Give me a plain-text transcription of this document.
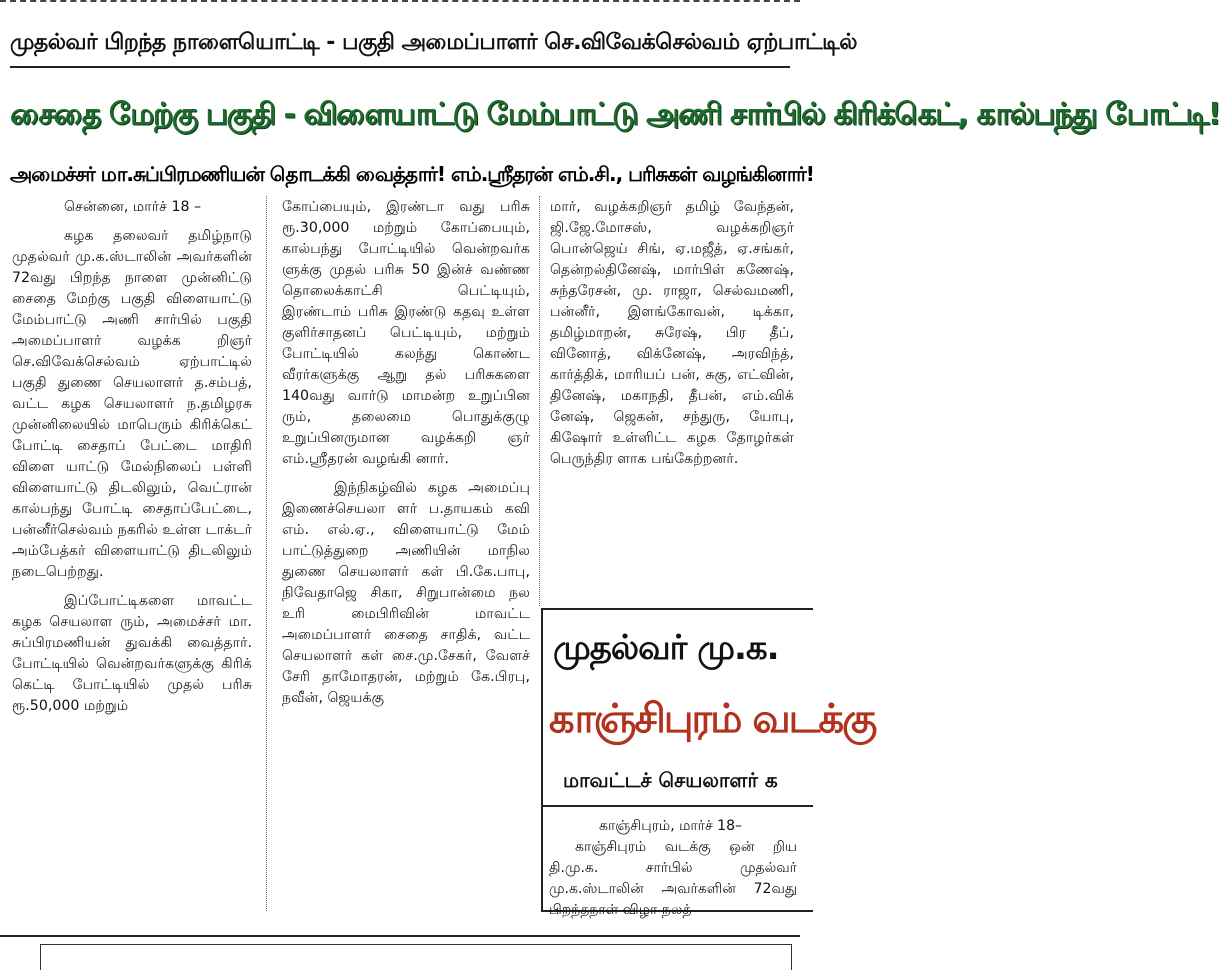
முதல்வர் பிறந்த நாளையொட்டி - பகுதி அமைப்பாளர் செ.விவேக்செல்வம் ஏற்பாட்டில்
சைதை மேற்கு பகுதி - விளையாட்டு மேம்பாட்டு அணி சார்பில் கிரிக்கெட், கால்பந்து போட்டி!
அமைச்சர் மா.சுப்பிரமணியன் தொடக்கி வைத்தார்! எம்.ஸ்ரீதரன் எம்.சி., பரிசுகள் வழங்கினார்!

சென்னை, மார்ச் 18 –

கழக தலைவர் தமிழ்நாடு முதல்வர் மு.க.ஸ்டாலின் அவர்களின் 72வது பிறந்த நாளை முன்னிட்டு சைதை மேற்கு பகுதி விளையாட்டு மேம்பாட்டு அணி சார்பில் பகுதி அமைப்பாளர் வழக்க றிஞர் செ.விவேக்செல்வம் ஏற்பாட்டில் பகுதி துணை செயலாளர் த.சம்பத், வட்ட கழக செயலாளர் ந.தமிழரசு முன்னிலையில் மாபெரும் கிரிக்கெட் போட்டி சைதாப் பேட்டை மாதிரி விளை யாட்டு மேல்நிலைப் பள்ளி விளையாட்டு திடலிலும், வெட்ரான் கால்பந்து போட்டி சைதாப்பேட்டை, பன்னீர்செல்வம் நகரில் உள்ள டாக்டர் அம்பேத்கர் விளையாட்டு திடலிலும் நடைபெற்றது.

இப்போட்டிகளை மாவட்ட கழக செயலாள ரும், அமைச்சர் மா. சுப்பிரமணியன் துவக்கி வைத்தார். போட்டியில் வென்றவர்களுக்கு கிரிக் கெட்டி போட்டியில் முதல் பரிசு ரூ.50,000 மற்றும்

கோப்பையும், இரண்டா வது பரிசு ரூ.30,000 மற்றும் கோப்பையும், கால்பந்து போட்டியில் வென்றவர்க ளுக்கு முதல் பரிசு 50 இன்ச் வண்ண தொலைக்காட்சி பெட்டியும், இரண்டாம் பரிசு இரண்டு கதவு உள்ள குளிர்சாதனப் பெட்டியும், மற்றும் போட்டியில் கலந்து கொண்ட வீரர்களுக்கு ஆறு தல் பரிசுகளை 140வது வார்டு மாமன்ற உறுப்பின ரும், தலைமை பொதுக்குழு உறுப்பினருமான வழக்கறி ஞர் எம்.ஸ்ரீதரன் வழங்கி னார்.

இந்நிகழ்வில் கழக அமைப்பு இணைச்செயலா ளர் ப.தாயகம் கவி எம். எல்.ஏ., விளையாட்டு மேம் பாட்டுத்துறை அணியின் மாநில துணை செயலாளர் கள் பி.கே.பாபு, நிவேதாஜெ சிகா, சிறுபான்மை நல உரி மைபிரிவின் மாவட்ட அமைப்பாளர் சைதை சாதிக், வட்ட செயலாளர் கள் சை.மு.சேகர், வேளச் சேரி தாமோதரன், மற்றும் கே.பிரபு, நவீன், ஜெயக்கு

மார், வழக்கறிஞர் தமிழ் வேந்தன், ஜி.ஜே.மோசஸ், வழக்கறிஞர் பொன்ஜெய் சிங், ஏ.மஜீத், ஏ.சங்கர், தென்றல்தினேஷ், மார்பிள் கணேஷ், சுந்தரேசன், மு. ராஜா, செல்வமணி, பன்னீர், இளங்கோவன், டிக்கா, தமிழ்மாறன், சுரேஷ், பிர தீப், வினோத், விக்னேஷ், அரவிந்த், கார்த்திக், மாரியப் பன், சுகு, எட்வின், தினேஷ், மகாநதி, தீபன், எம்.விக் னேஷ், ஜெகன், சந்துரு, யோபு, கிஷோர் உள்ளிட்ட கழக தோழர்கள் பெருந்திர ளாக பங்கேற்றனர்.

முதல்வர் மு.க.
காஞ்சிபுரம் வடக்கு
மாவட்டச் செயலாளர் க

காஞ்சிபுரம், மார்ச் 18–

காஞ்சிபுரம் வடக்கு ஒன் றிய தி.மு.க. சார்பில் முதல்வர் மு.க.ஸ்டாலின் அவர்களின் 72வது பிறந்தநாள் விழா நலத்
